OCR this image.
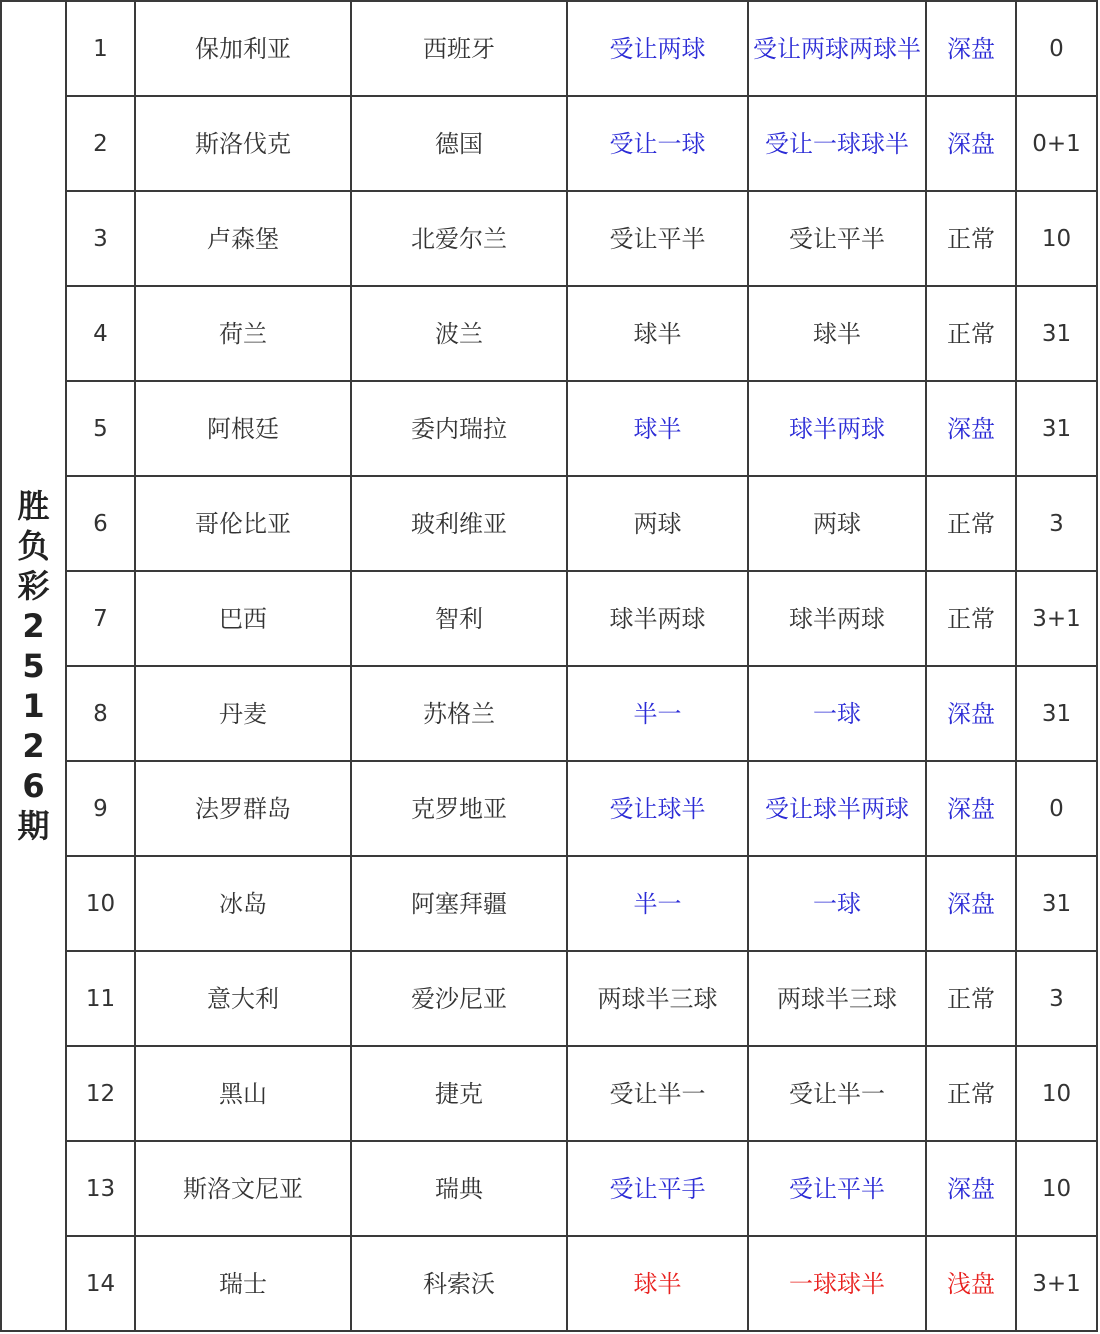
胜负彩25126期	1	保加利亚	西班牙	受让两球	受让两球两球半	深盘	0
	2	斯洛伐克	德国	受让一球	受让一球球半	深盘	0+1
	3	卢森堡	北爱尔兰	受让平半	受让平半	正常	10
	4	荷兰	波兰	球半	球半	正常	31
	5	阿根廷	委内瑞拉	球半	球半两球	深盘	31
	6	哥伦比亚	玻利维亚	两球	两球	正常	3
	7	巴西	智利	球半两球	球半两球	正常	3+1
	8	丹麦	苏格兰	半一	一球	深盘	31
	9	法罗群岛	克罗地亚	受让球半	受让球半两球	深盘	0
	10	冰岛	阿塞拜疆	半一	一球	深盘	31
	11	意大利	爱沙尼亚	两球半三球	两球半三球	正常	3
	12	黑山	捷克	受让半一	受让半一	正常	10
	13	斯洛文尼亚	瑞典	受让平手	受让平半	深盘	10
	14	瑞士	科索沃	球半	一球球半	浅盘	3+1
